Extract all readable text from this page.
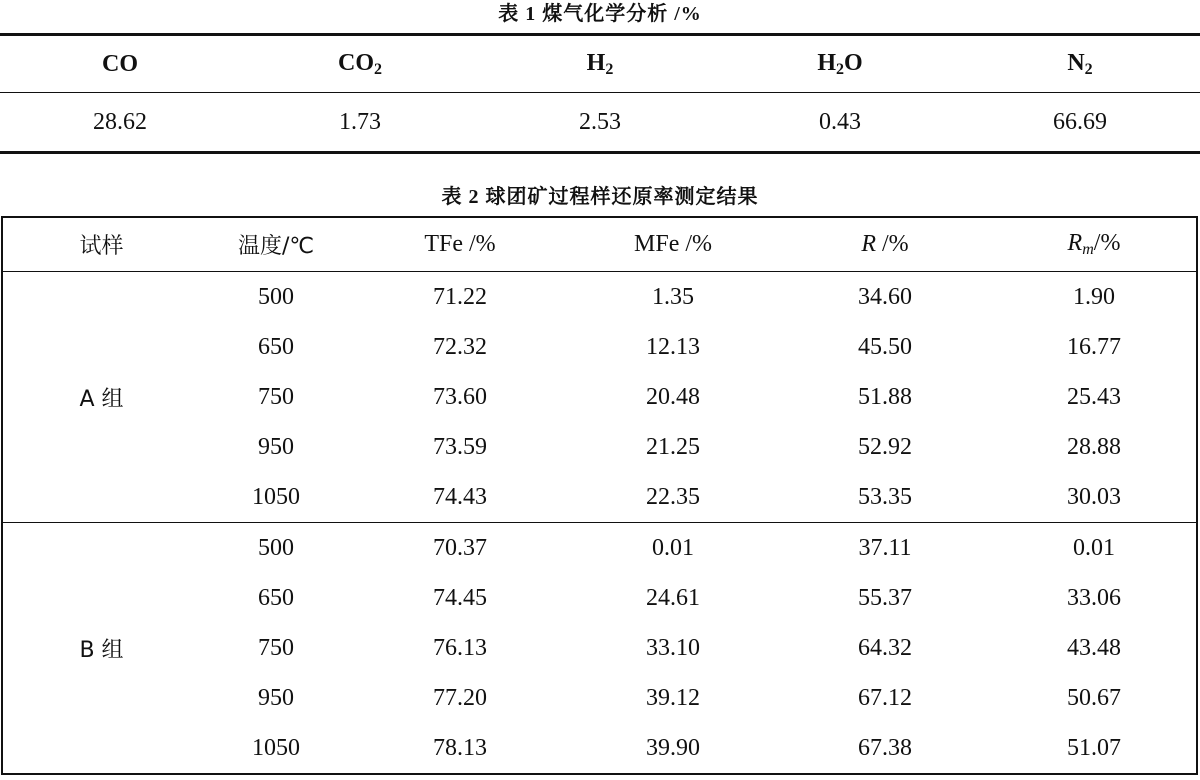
表 1 煤气化学分析 /%
CO	$CO_2$	$H_2$	$H_2O$	$N_2$
28.62	1.73	2.53	0.43	66.69
表 2 球团矿过程样还原率测定结果
试样	温度/℃	TFe /%	MFe /%	R /%	$R_m/\%$
A 组	500	71.22	1.35	34.60	1.90
	650	72.32	12.13	45.50	16.77
	750	73.60	20.48	51.88	25.43
	950	73.59	21.25	52.92	28.88
	1050	74.43	22.35	53.35	30.03
B 组	500	70.37	0.01	37.11	0.01
	650	74.45	24.61	55.37	33.06
	750	76.13	33.10	64.32	43.48
	950	77.20	39.12	67.12	50.67
	1050	78.13	39.90	67.38	51.07
